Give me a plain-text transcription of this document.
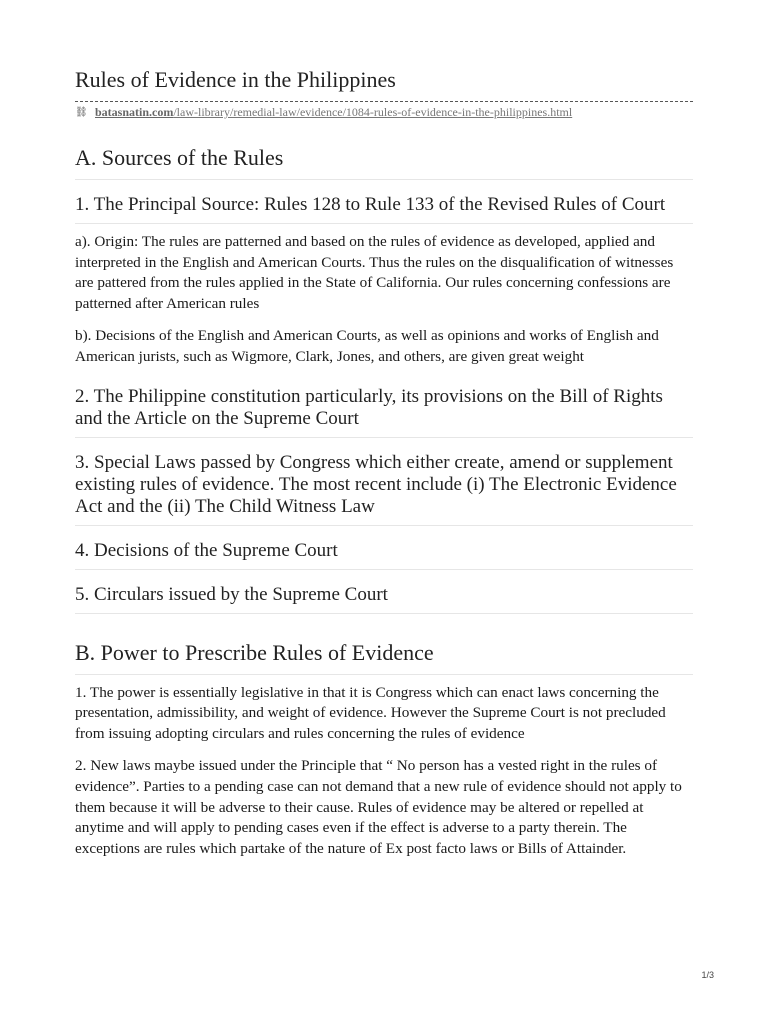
Rules of Evidence in the Philippines
⛓ batasnatin.com /law-library/remedial-law/evidence/1084-rules-of-evidence-in-the-philippines.html
A. Sources of the Rules
1. The Principal Source: Rules 128 to Rule 133 of the Revised Rules of Court

a). Origin: The rules are patterned and based on the rules of evidence as developed, applied and interpreted in the English and American Courts. Thus the rules on the disqualification of witnesses are pattered from the rules applied in the State of California. Our rules concerning confessions are patterned after American rules

b). Decisions of the English and American Courts, as well as opinions and works of English and American jurists, such as Wigmore, Clark, Jones, and others, are given great weight

2. The Philippine constitution particularly, its provisions on the Bill of Rights and the Article on the Supreme Court
3. Special Laws passed by Congress which either create, amend or supplement existing rules of evidence. The most recent include (i) The Electronic Evidence Act and the (ii) The Child Witness Law
4. Decisions of the Supreme Court
5. Circulars issued by the Supreme Court
B. Power to Prescribe Rules of Evidence

1. The power is essentially legislative in that it is Congress which can enact laws concerning the presentation, admissibility, and weight of evidence. However the Supreme Court is not precluded from issuing adopting circulars and rules concerning the rules of evidence

2. New laws maybe issued under the Principle that “ No person has a vested right in the rules of evidence”. Parties to a pending case can not demand that a new rule of evidence should not apply to them because it will be adverse to their cause. Rules of evidence may be altered or repelled at anytime and will apply to pending cases even if the effect is adverse to a party therein. The exceptions are rules which partake of the nature of Ex post facto laws or Bills of Attainder.

1/3
